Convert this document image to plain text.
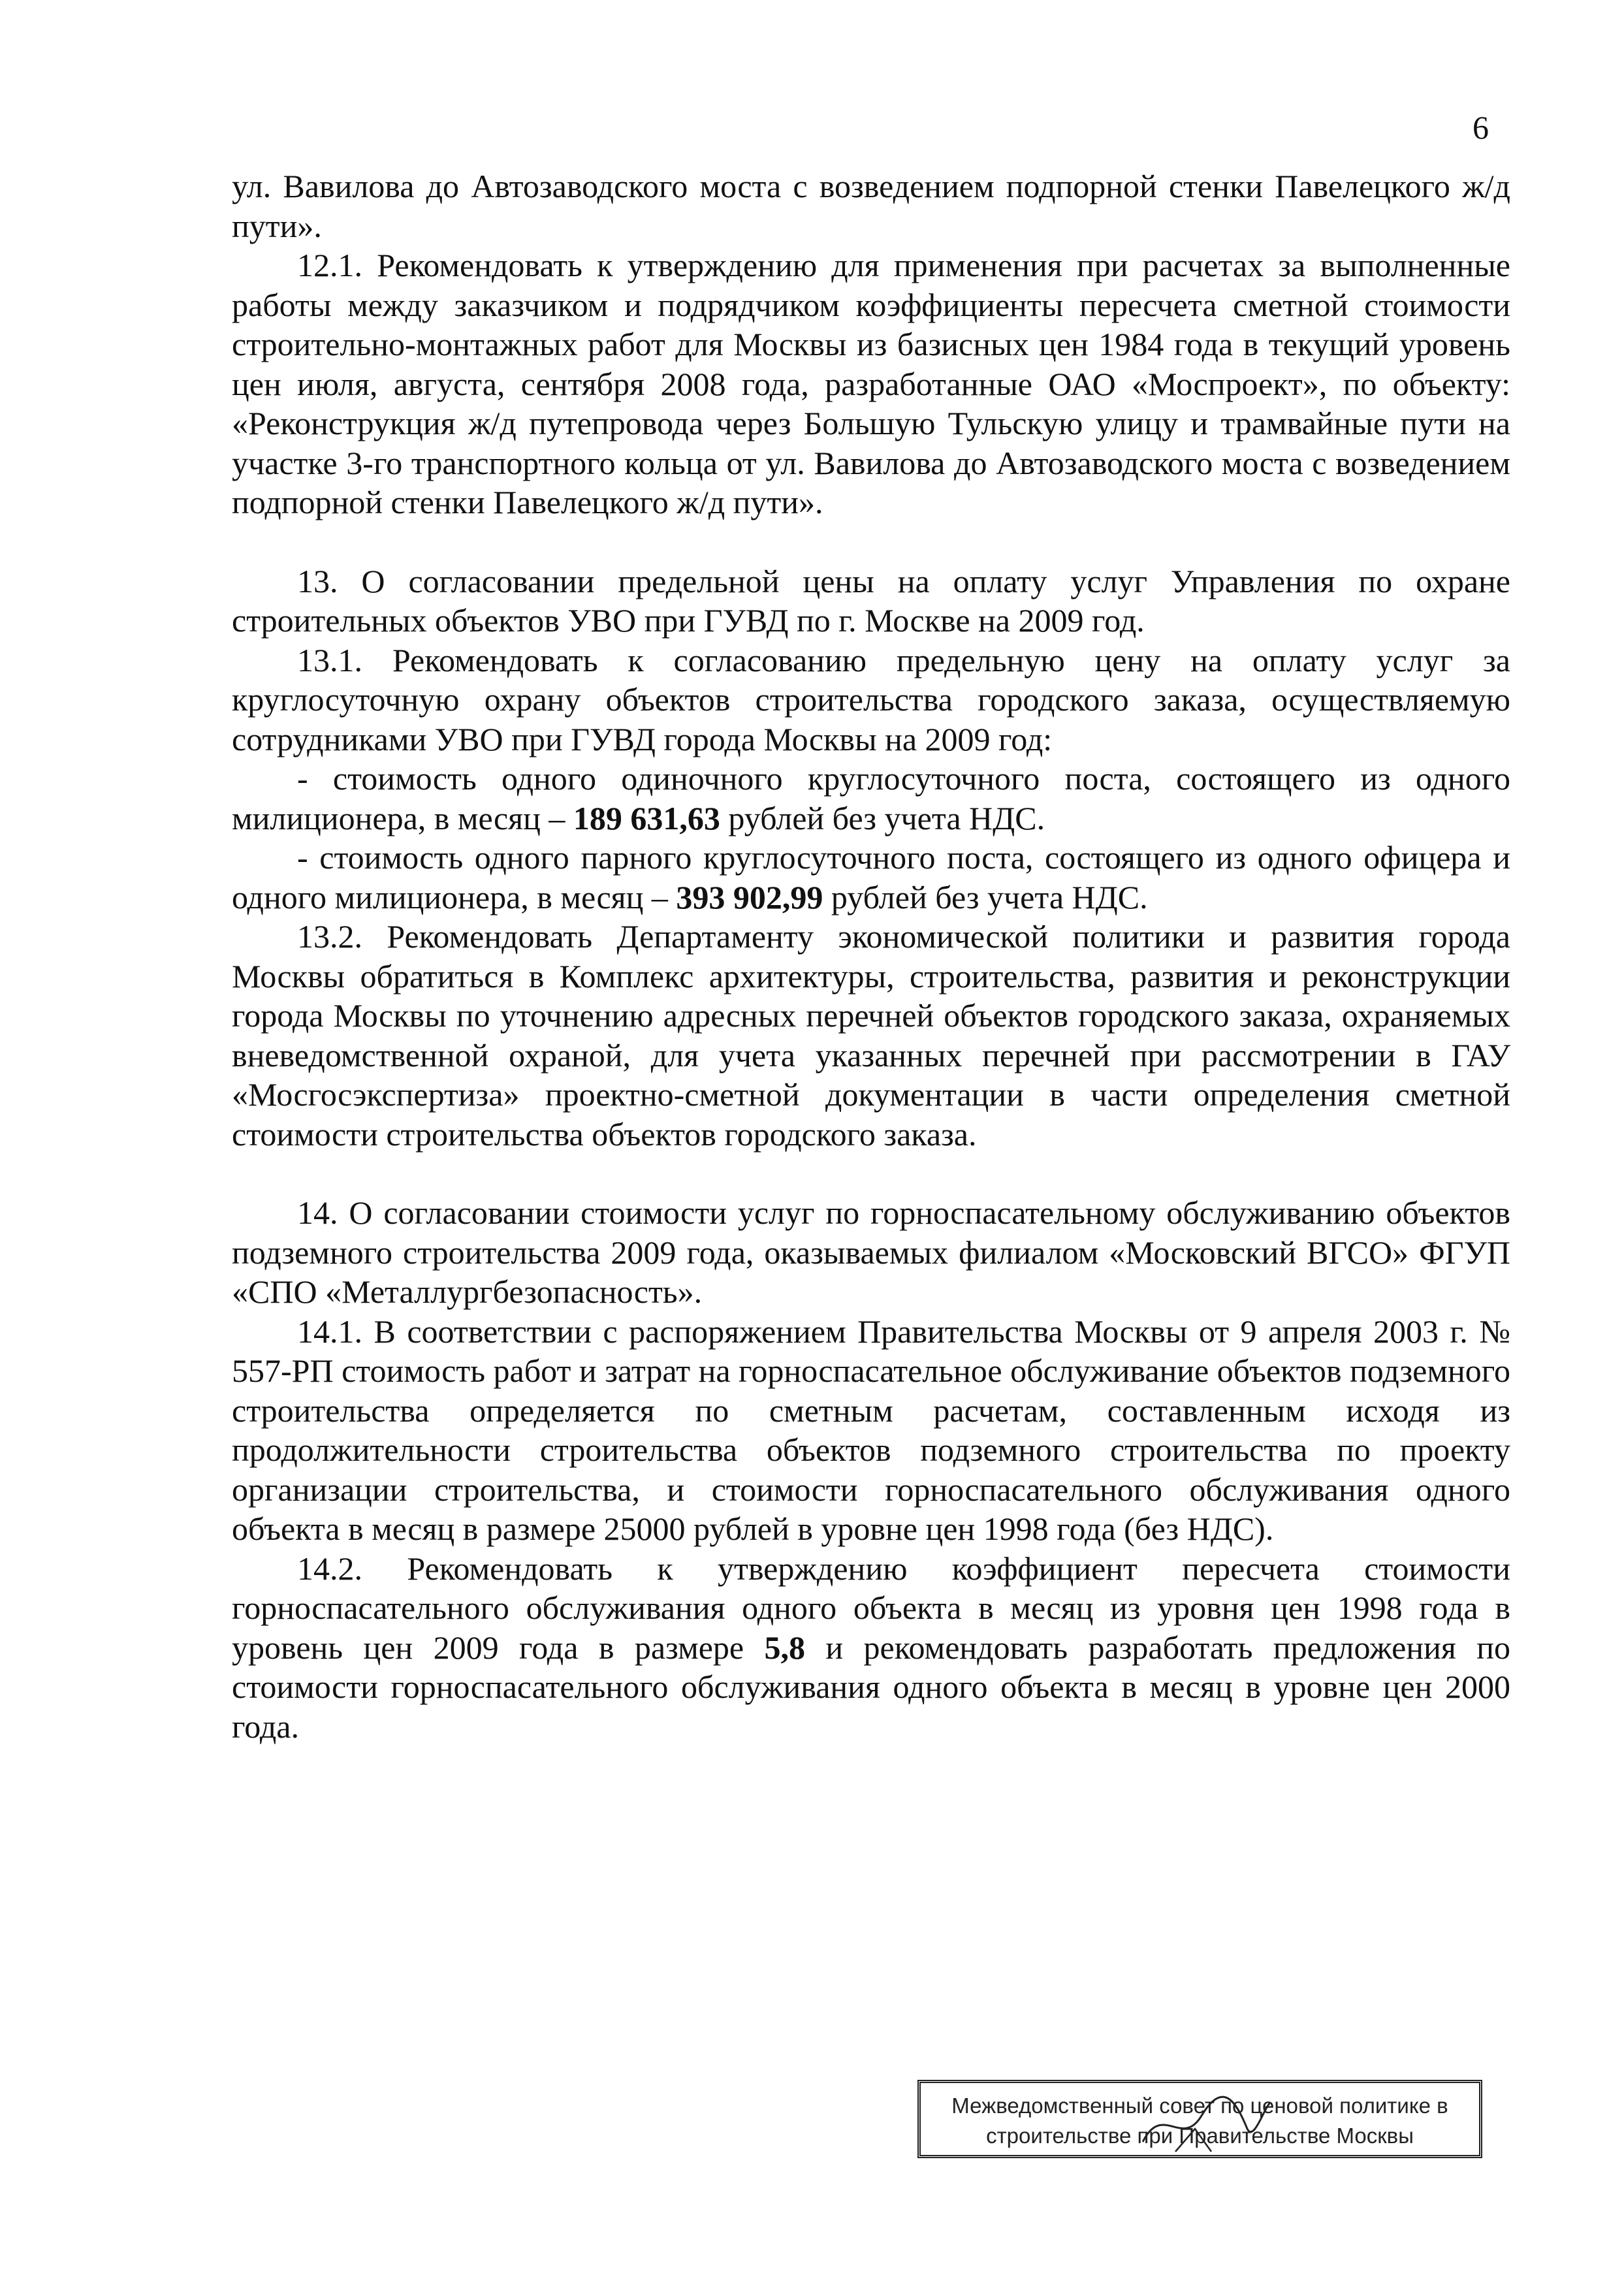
6

ул. Вавилова до Автозаводского моста с возведением подпорной стенки Павелецкого ж/д пути».

12.1. Рекомендовать к утверждению для применения при расчетах за выполненные работы между заказчиком и подрядчиком коэффициенты пересчета сметной стоимости строительно-монтажных работ для Москвы из базисных цен 1984 года в текущий уровень цен июля, августа, сентября 2008 года, разработанные ОАО «Моспроект», по объекту: «Реконструкция ж/д путепровода через Большую Тульскую улицу и трамвайные пути на участке 3-го транспортного кольца от ул. Вавилова до Автозаводского моста с возведением подпорной стенки Павелецкого ж/д пути».

13. О согласовании предельной цены на оплату услуг Управления по охране строительных объектов УВО при ГУВД по г. Москве на 2009 год.

13.1. Рекомендовать к согласованию предельную цену на оплату услуг за круглосуточную охрану объектов строительства городского заказа, осуществляемую сотрудниками УВО при ГУВД города Москвы на 2009 год:

- стоимость одного одиночного круглосуточного поста, состоящего из одного милиционера, в месяц – 189 631,63 рублей без учета НДС.

- стоимость одного парного круглосуточного поста, состоящего из одного офицера и одного милиционера, в месяц – 393 902,99 рублей без учета НДС.

13.2. Рекомендовать Департаменту экономической политики и развития города Москвы обратиться в Комплекс архитектуры, строительства, развития и реконструкции города Москвы по уточнению адресных перечней объектов городского заказа, охраняемых вневедомственной охраной, для учета указанных перечней при рассмотрении в ГАУ «Мосгосэкспертиза» проектно-сметной документации в части определения сметной стоимости строительства объектов городского заказа.

14. О согласовании стоимости услуг по горноспасательному обслуживанию объектов подземного строительства 2009 года, оказываемых филиалом «Московский ВГСО» ФГУП «СПО «Металлургбезопасность».

14.1. В соответствии с распоряжением Правительства Москвы от 9 апреля 2003 г. № 557-РП стоимость работ и затрат на горноспасательное обслуживание объектов подземного строительства определяется по сметным расчетам, составленным исходя из продолжительности строительства объектов подземного строительства по проекту организации строительства, и стоимости горноспасательного обслуживания одного объекта в месяц в размере 25000 рублей в уровне цен 1998 года (без НДС).

14.2. Рекомендовать к утверждению коэффициент пересчета стоимости горноспасательного обслуживания одного объекта в месяц из уровня цен 1998 года в уровень цен 2009 года в размере 5,8 и рекомендовать разработать предложения по стоимости горноспасательного обслуживания одного объекта в месяц в уровне цен 2000 года.

Межведомственный совет по ценовой политике в
строительстве при Правительстве Москвы
